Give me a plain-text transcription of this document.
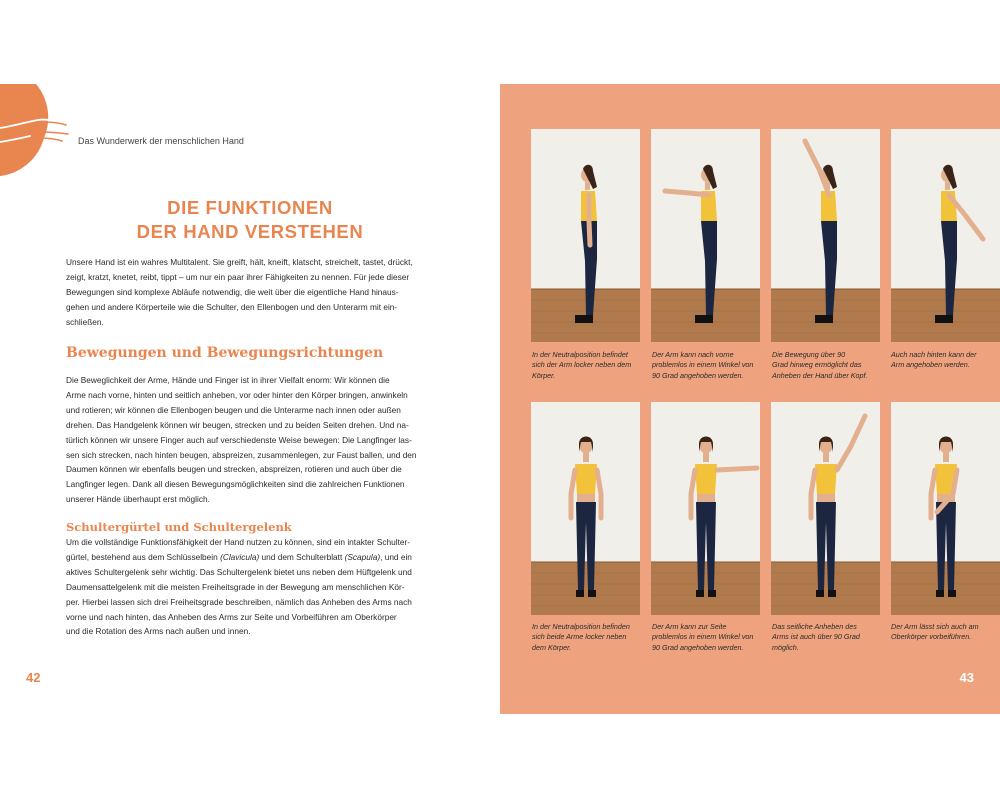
Das Wunderwerk der menschlichen Hand
DIE FUNKTIONEN
DER HAND VERSTEHEN

Unsere Hand ist ein wahres Multitalent. Sie greift, hält, kneift, klatscht, streichelt, tastet, drückt,

zeigt, kratzt, knetet, reibt, tippt – um nur ein paar ihrer Fähigkeiten zu nennen. Für jede dieser

Bewegungen sind komplexe Abläufe notwendig, die weit über die eigentliche Hand hinaus-

gehen und andere Körperteile wie die Schulter, den Ellenbogen und den Unterarm mit ein-

schließen.

Bewegungen und Bewegungsrichtungen

Die Beweglichkeit der Arme, Hände und Finger ist in ihrer Vielfalt enorm: Wir können die

Arme nach vorne, hinten und seitlich anheben, vor oder hinter den Körper bringen, anwinkeln

und rotieren; wir können die Ellenbogen beugen und die Unterarme nach innen oder außen

drehen. Das Handgelenk können wir beugen, strecken und zu beiden Seiten drehen. Und na-

türlich können wir unsere Finger auch auf verschiedenste Weise bewegen: Die Langfinger las-

sen sich strecken, nach hinten beugen, abspreizen, zusammenlegen, zur Faust ballen, und den

Daumen können wir ebenfalls beugen und strecken, abspreizen, rotieren und auch über die

Langfinger legen. Dank all diesen Bewegungsmöglichkeiten sind die zahlreichen Funktionen

unserer Hände überhaupt erst möglich.

Schultergürtel und Schultergelenk

Um die vollständige Funktionsfähigkeit der Hand nutzen zu können, sind ein intakter Schulter-

gürtel, bestehend aus dem Schlüsselbein (Clavicula) und dem Schulterblatt (Scapula), und ein

aktives Schultergelenk sehr wichtig. Das Schultergelenk bietet uns neben dem Hüftgelenk und

Daumensattelgelenk mit die meisten Freiheitsgrade in der Bewegung am menschlichen Kör-

per. Hierbei lassen sich drei Freiheitsgrade beschreiben, nämlich das Anheben des Arms nach

vorne und nach hinten, das Anheben des Arms zur Seite und Vorbeiführen am Oberkörper

und die Rotation des Arms nach außen und innen.

42
In der Neutralposition befindet
sich der Arm locker neben dem
Körper.
Der Arm kann nach vorne
problemlos in einem Winkel von
90 Grad angehoben werden.
Die Bewegung über 90
Grad hinweg ermöglicht das
Anheben der Hand über Kopf.
Auch nach hinten kann der
Arm angehoben werden.
In der Neutralposition befinden
sich beide Arme locker neben
dem Körper.
Der Arm kann zur Seite
problemlos in einem Winkel von
90 Grad angehoben werden.
Das seitliche Anheben des
Arms ist auch über 90 Grad
möglich.
Der Arm lässt sich auch am
Oberkörper vorbeiführen.
43
